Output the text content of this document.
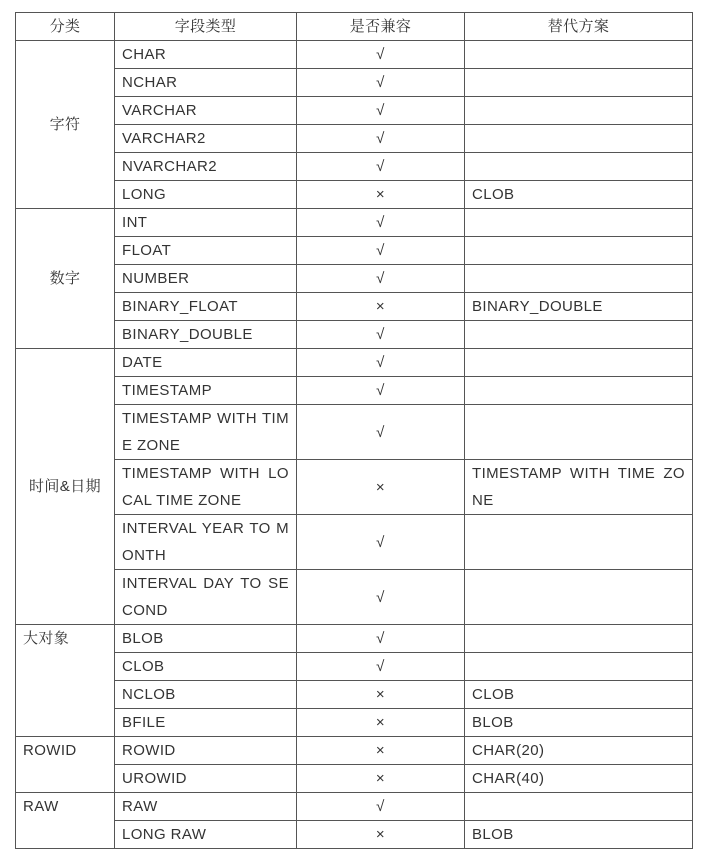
分类	字段类型	是否兼容	替代方案
字符	CHAR	√	
	NCHAR	√	
	VARCHAR	√	
	VARCHAR2	√	
	NVARCHAR2	√	
	LONG	×	CLOB
数字	INT	√	
	FLOAT	√	
	NUMBER	√	
	BINARY_FLOAT	×	BINARY_DOUBLE
	BINARY_DOUBLE	√	
时间&日期	DATE	√	
	TIMESTAMP	√	
	TIMESTAMP WITH TIME ZONE	√	
	TIMESTAMP WITH LOCAL TIME ZONE	×	TIMESTAMP WITH TIME ZONE
	INTERVAL YEAR TO MONTH	√	
	INTERVAL DAY TO SECOND	√	
大对象	BLOB	√	
	CLOB	√	
	NCLOB	×	CLOB
	BFILE	×	BLOB
ROWID	ROWID	×	CHAR(20)
	UROWID	×	CHAR(40)
RAW	RAW	√	
	LONG RAW	×	BLOB
